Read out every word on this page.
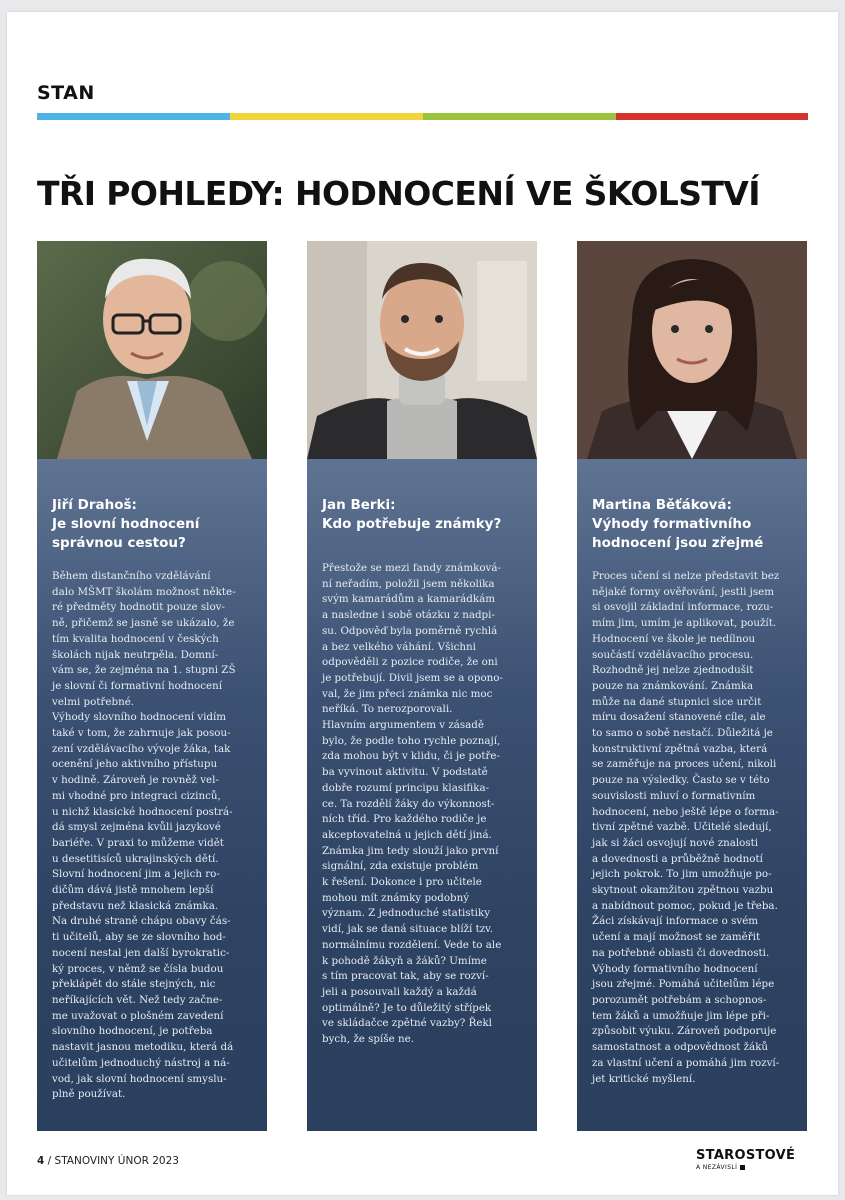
STAN
TŘI POHLEDY: HODNOCENÍ VE ŠKOLSTVÍ
Jiří Drahoš:
Je slovní hodnocení
správnou cestou?
Během distančního vzdělávání
dalo MŠMT školám možnost někte-
ré předměty hodnotit pouze slov-
ně, přičemž se jasně se ukázalo, že
tím kvalita hodnocení v českých
školách nijak neutrpěla. Domní-
vám se, že zejména na 1. stupni ZŠ
je slovní či formativní hodnocení
velmi potřebné.
Výhody slovního hodnocení vidím
také v tom, že zahrnuje jak posou-
zení vzdělávacího vývoje žáka, tak
ocenění jeho aktivního přístupu
v hodině. Zároveň je rovněž vel-
mi vhodné pro integraci cizinců,
u nichž klasické hodnocení postrá-
dá smysl zejména kvůli jazykové
bariéře. V praxi to můžeme vidět
u desetitisíců ukrajinských dětí.
Slovní hodnocení jim a jejich ro-
dičům dává jistě mnohem lepší
představu než klasická známka.
Na druhé straně chápu obavy čás-
ti učitelů, aby se ze slovního hod-
nocení nestal jen další byrokratic-
ký proces, v němž se čísla budou
překlápět do stále stejných, nic
neříkajících vět. Než tedy začne-
me uvažovat o plošném zavedení
slovního hodnocení, je potřeba
nastavit jasnou metodiku, která dá
učitelům jednoduchý nástroj a ná-
vod, jak slovní hodnocení smyslu-
plně používat.
Jan Berki:
Kdo potřebuje známky?
Přestože se mezi fandy známková-
ní neřadím, položil jsem několika
svým kamarádům a kamarádkám
a nasledne i sobě otázku z nadpi-
su. Odpověď byla poměrně rychlá
a bez velkého váhání. Všichni
odpověděli z pozice rodiče, že oni
je potřebují. Divil jsem se a opono-
val, že jim přeci známka nic moc
neříká. To nerozporovali.
Hlavním argumentem v zásadě
bylo, že podle toho rychle poznají,
zda mohou být v klidu, či je potře-
ba vyvinout aktivitu. V podstatě
dobře rozumí principu klasifika-
ce. Ta rozdělí žáky do výkonnost-
ních tříd. Pro každého rodiče je
akceptovatelná u jejich dětí jiná.
Známka jim tedy slouží jako první
signální, zda existuje problém
k řešení. Dokonce i pro učitele
mohou mít známky podobný
význam. Z jednoduché statistiky
vidí, jak se daná situace blíží tzv.
normálnímu rozdělení. Vede to ale
k pohodě žákyň a žáků? Umíme
s tím pracovat tak, aby se rozví-
jeli a posouvali každý a každá
optimálně? Je to důležitý střípek
ve skládačce zpětné vazby? Řekl
bych, že spíše ne.
Martina Běťáková:
Výhody formativního
hodnocení jsou zřejmé
Proces učení si nelze představit bez
nějaké formy ověřování, jestli jsem
si osvojil základní informace, rozu-
mím jim, umím je aplikovat, použít.
Hodnocení ve škole je nedílnou
součástí vzdělávacího procesu.
Rozhodně jej nelze zjednodušit
pouze na známkování. Známka
může na dané stupnici sice určit
míru dosažení stanovené cíle, ale
to samo o sobě nestačí. Důležitá je
konstruktivní zpětná vazba, která
se zaměřuje na proces učení, nikoli
pouze na výsledky. Často se v této
souvislosti mluví o formativním
hodnocení, nebo ještě lépe o forma-
tivní zpětné vazbě. Učitelé sledují,
jak si žáci osvojují nové znalosti
a dovednosti a průběžně hodnotí
jejich pokrok. To jim umožňuje po-
skytnout okamžitou zpětnou vazbu
a nabídnout pomoc, pokud je třeba.
Žáci získávají informace o svém
učení a mají možnost se zaměřit
na potřebné oblasti či dovednosti.
Výhody formativního hodnocení
jsou zřejmé. Pomáhá učitelům lépe
porozumět potřebám a schopnos-
tem žáků a umožňuje jim lépe při-
způsobit výuku. Zároveň podporuje
samostatnost a odpovědnost žáků
za vlastní učení a pomáhá jim rozví-
jet kritické myšlení.
4 / STANOVINY ÚNOR 2023	STAROSTOVÉ
A NEZÁVISLÍ
